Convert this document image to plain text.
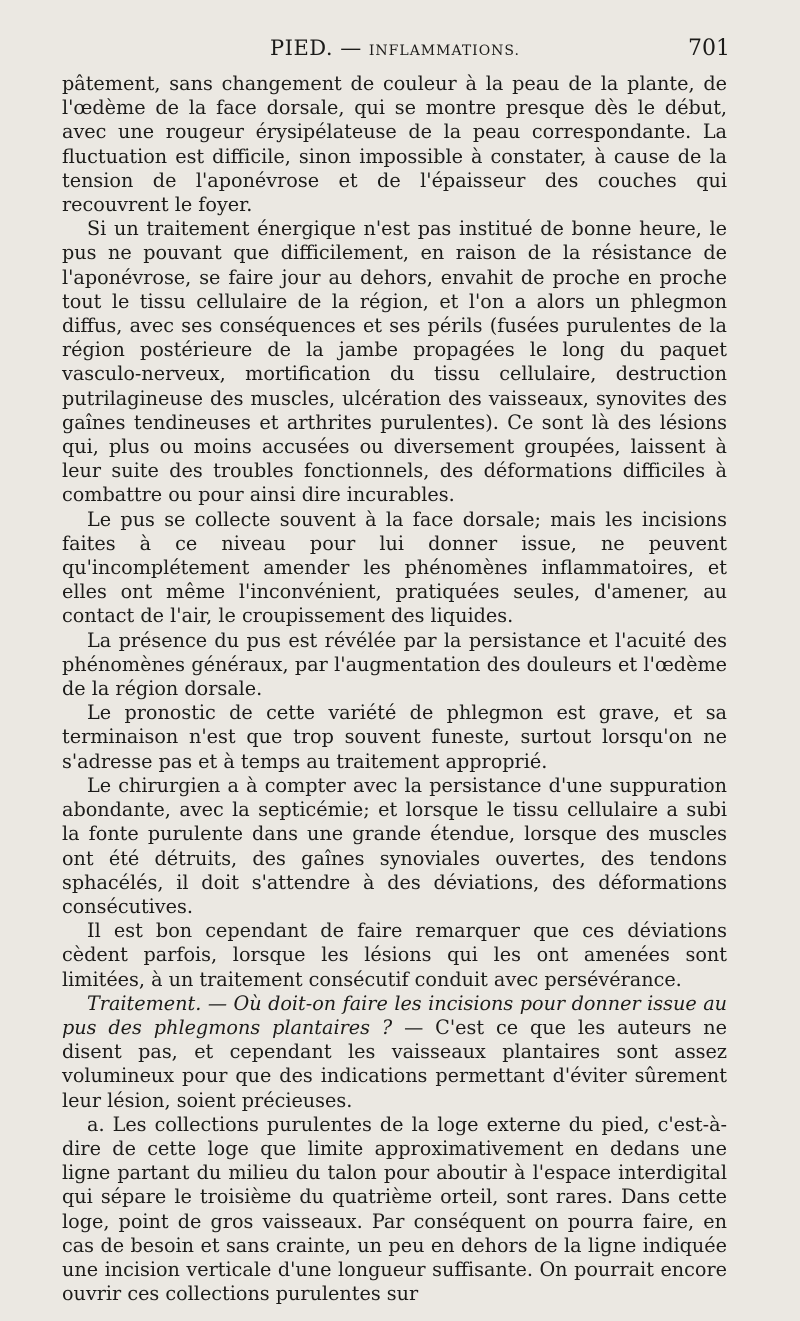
PIED. — INFLAMMATIONS.	701

pâtement, sans changement de couleur à la peau de la plante, de l'œdème de la face dorsale, qui se montre presque dès le début, avec une rougeur érysipélateuse de la peau correspondante. La fluctuation est difficile, sinon impossible à constater, à cause de la tension de l'aponévrose et de l'épaisseur des couches qui recouvrent le foyer.

Si un traitement énergique n'est pas institué de bonne heure, le pus ne pouvant que difficilement, en raison de la résistance de l'aponévrose, se faire jour au dehors, envahit de proche en proche tout le tissu cellulaire de la région, et l'on a alors un phlegmon diffus, avec ses conséquences et ses périls (fusées purulentes de la région postérieure de la jambe propagées le long du paquet vasculo-nerveux, mortification du tissu cellulaire, destruction putrilagineuse des muscles, ulcération des vaisseaux, synovites des gaînes tendineuses et arthrites purulentes). Ce sont là des lésions qui, plus ou moins accusées ou diversement groupées, laissent à leur suite des troubles fonctionnels, des déformations difficiles à combattre ou pour ainsi dire incurables.

Le pus se collecte souvent à la face dorsale; mais les incisions faites à ce niveau pour lui donner issue, ne peuvent qu'incomplétement amender les phénomènes inflammatoires, et elles ont même l'inconvénient, pratiquées seules, d'amener, au contact de l'air, le croupissement des liquides.

La présence du pus est révélée par la persistance et l'acuité des phénomènes généraux, par l'augmentation des douleurs et l'œdème de la région dorsale.

Le pronostic de cette variété de phlegmon est grave, et sa terminaison n'est que trop souvent funeste, surtout lorsqu'on ne s'adresse pas et à temps au traitement approprié.

Le chirurgien a à compter avec la persistance d'une suppuration abondante, avec la septicémie; et lorsque le tissu cellulaire a subi la fonte purulente dans une grande étendue, lorsque des muscles ont été détruits, des gaînes synoviales ouvertes, des tendons sphacélés, il doit s'attendre à des déviations, des déformations consécutives.

Il est bon cependant de faire remarquer que ces déviations cèdent parfois, lorsque les lésions qui les ont amenées sont limitées, à un traitement consécutif conduit avec persévérance.

Traitement. — Où doit-on faire les incisions pour donner issue au pus des phlegmons plantaires ? — C'est ce que les auteurs ne disent pas, et cependant les vaisseaux plantaires sont assez volumineux pour que des indications permettant d'éviter sûrement leur lésion, soient précieuses.

a. Les collections purulentes de la loge externe du pied, c'est-à-dire de cette loge que limite approximativement en dedans une ligne partant du milieu du talon pour aboutir à l'espace interdigital qui sépare le troisième du quatrième orteil, sont rares. Dans cette loge, point de gros vaisseaux. Par conséquent on pourra faire, en cas de besoin et sans crainte, un peu en dehors de la ligne indiquée une incision verticale d'une longueur suffisante. On pourrait encore ouvrir ces collections purulentes sur
